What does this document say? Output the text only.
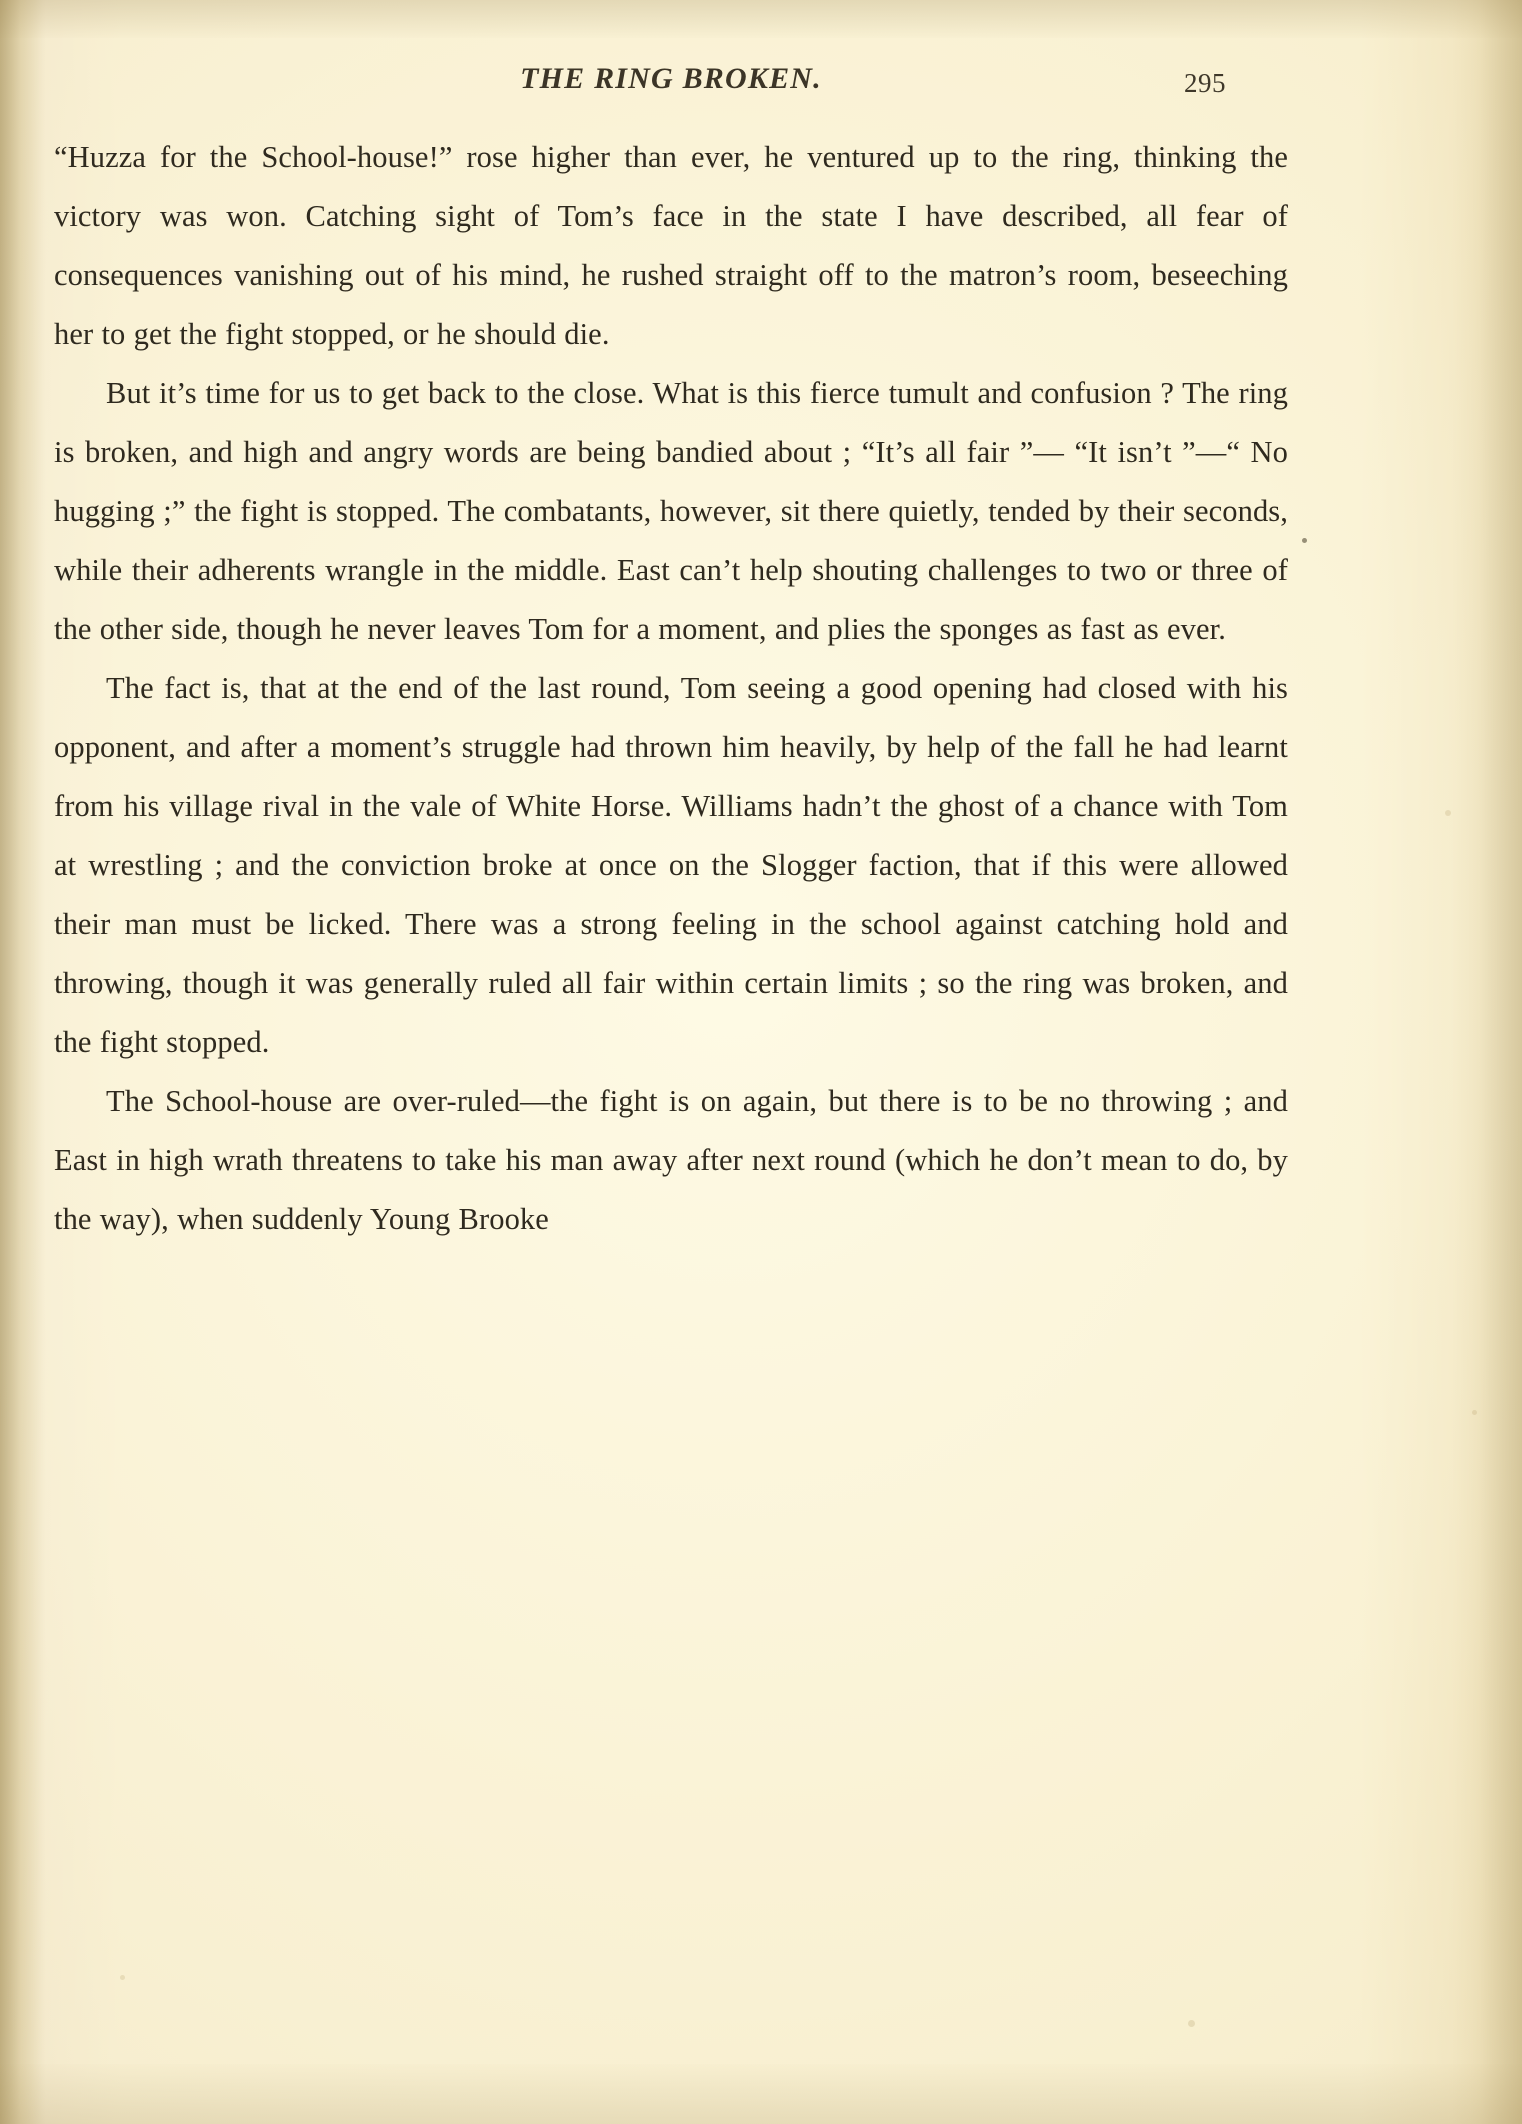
THE RING BROKEN.	295

“Huzza for the School-house!” rose higher than ever, he ventured up to the ring, thinking the victory was won. Catching sight of Tom’s face in the state I have described, all fear of consequences vanishing out of his mind, he rushed straight off to the matron’s room, beseeching her to get the fight stopped, or he should die.

But it’s time for us to get back to the close. What is this fierce tumult and confusion ? The ring is broken, and high and angry words are being bandied about ; “It’s all fair ”— “It isn’t ”—“ No hugging ;” the fight is stopped. The combatants, however, sit there quietly, tended by their seconds, while their adherents wrangle in the middle. East can’t help shouting challenges to two or three of the other side, though he never leaves Tom for a moment, and plies the sponges as fast as ever.

The fact is, that at the end of the last round, Tom seeing a good opening had closed with his opponent, and after a moment’s struggle had thrown him heavily, by help of the fall he had learnt from his village rival in the vale of White Horse. Williams hadn’t the ghost of a chance with Tom at wrestling ; and the conviction broke at once on the Slogger faction, that if this were allowed their man must be licked. There was a strong feeling in the school against catching hold and throwing, though it was generally ruled all fair within certain limits ; so the ring was broken, and the fight stopped.

The School-house are over-ruled—the fight is on again, but there is to be no throwing ; and East in high wrath threatens to take his man away after next round (which he don’t mean to do, by the way), when suddenly Young Brooke
